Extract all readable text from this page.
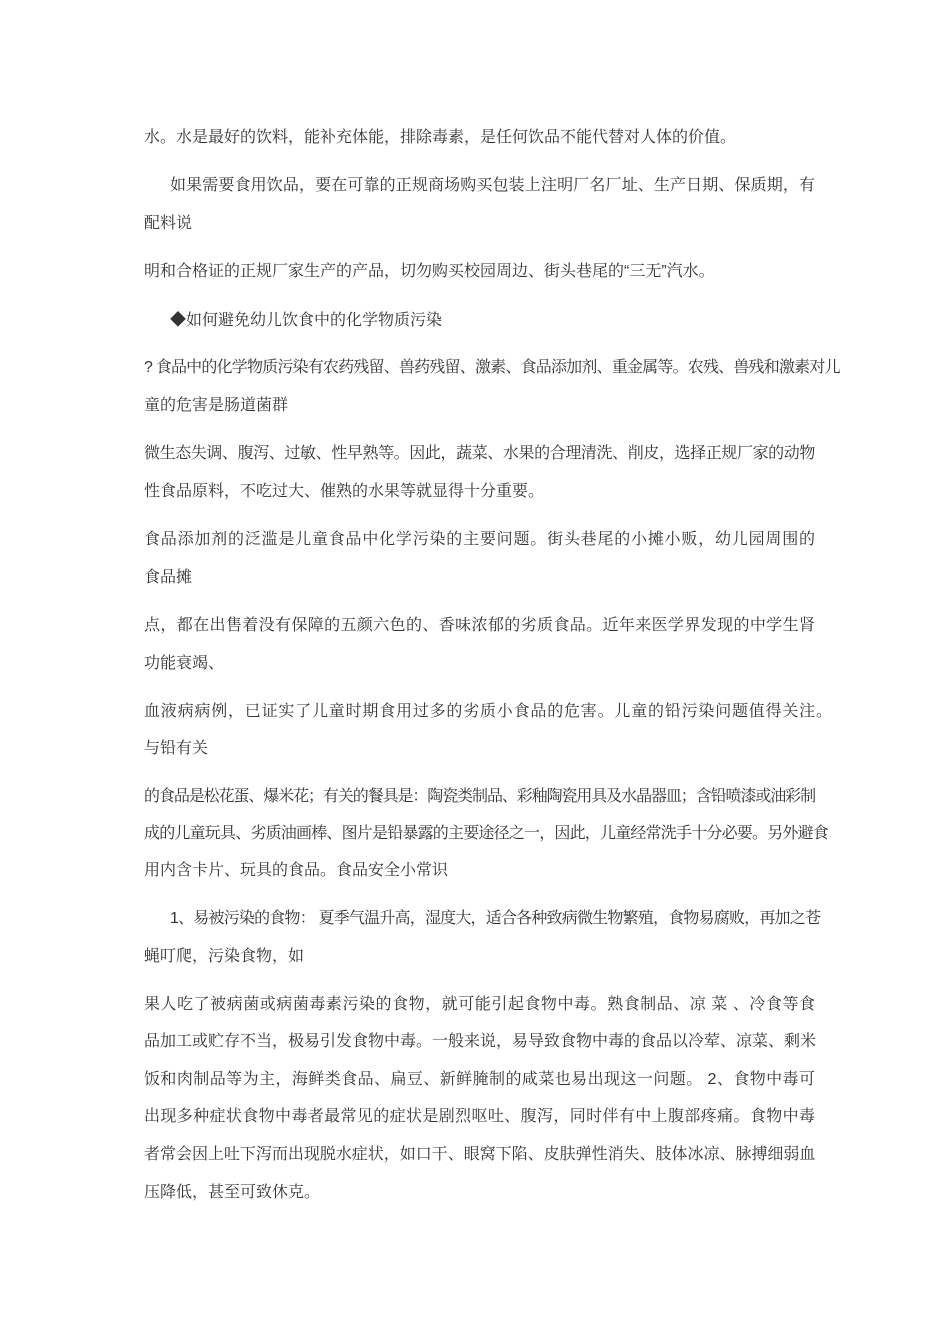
水。水是最好的饮料，能补充体能，排除毒素，是任何饮品不能代替对人体的价值。
如果需要食用饮品，要在可靠的正规商场购买包装上注明厂名厂址、生产日期、保质期，有
配料说
明和合格证的正规厂家生产的产品，切勿购买校园周边、街头巷尾的“三无”汽水。
◆如何避免幼儿饮食中的化学物质污染
? 食品中的化学物质污染有农药残留、兽药残留、激素、食品添加剂、重金属等。农残、兽残和激素对儿
童的危害是肠道菌群
微生态失调、腹泻、过敏、性早熟等。因此，蔬菜、水果的合理清洗、削皮，选择正规厂家的动物
性食品原料，不吃过大、催熟的水果等就显得十分重要。
食品添加剂的泛滥是儿童食品中化学污染的主要问题。街头巷尾的小摊小贩，幼儿园周围的
食品摊
点，都在出售着没有保障的五颜六色的、香味浓郁的劣质食品。近年来医学界发现的中学生肾
功能衰竭、
血液病病例，已证实了儿童时期食用过多的劣质小食品的危害。儿童的铅污染问题值得关注。
与铅有关
的食品是松花蛋、爆米花；有关的餐具是：陶瓷类制品、彩釉陶瓷用具及水晶器皿；含铅喷漆或油彩制
成的儿童玩具、劣质油画棒、图片是铅暴露的主要途径之一，因此，儿童经常洗手十分必要。另外避食
用内含卡片、玩具的食品。食品安全小常识
1、易被污染的食物： 夏季气温升高，湿度大，适合各种致病微生物繁殖，食物易腐败，再加之苍
蝇叮爬，污染食物，如
果人吃了被病菌或病菌毒素污染的食物，就可能引起食物中毒。熟食制品、凉 菜 、冷食等食
品加工或贮存不当，极易引发食物中毒。一般来说，易导致食物中毒的食品以冷荤、凉菜、剩米
饭和肉制品等为主，海鲜类食品、扁豆、新鲜腌制的咸菜也易出现这一问题。 2、食物中毒可
出现多种症状食物中毒者最常见的症状是剧烈呕吐、腹泻，同时伴有中上腹部疼痛。食物中毒
者常会因上吐下泻而出现脱水症状，如口干、眼窝下陷、皮肤弹性消失、肢体冰凉、脉搏细弱血
压降低，甚至可致休克。
